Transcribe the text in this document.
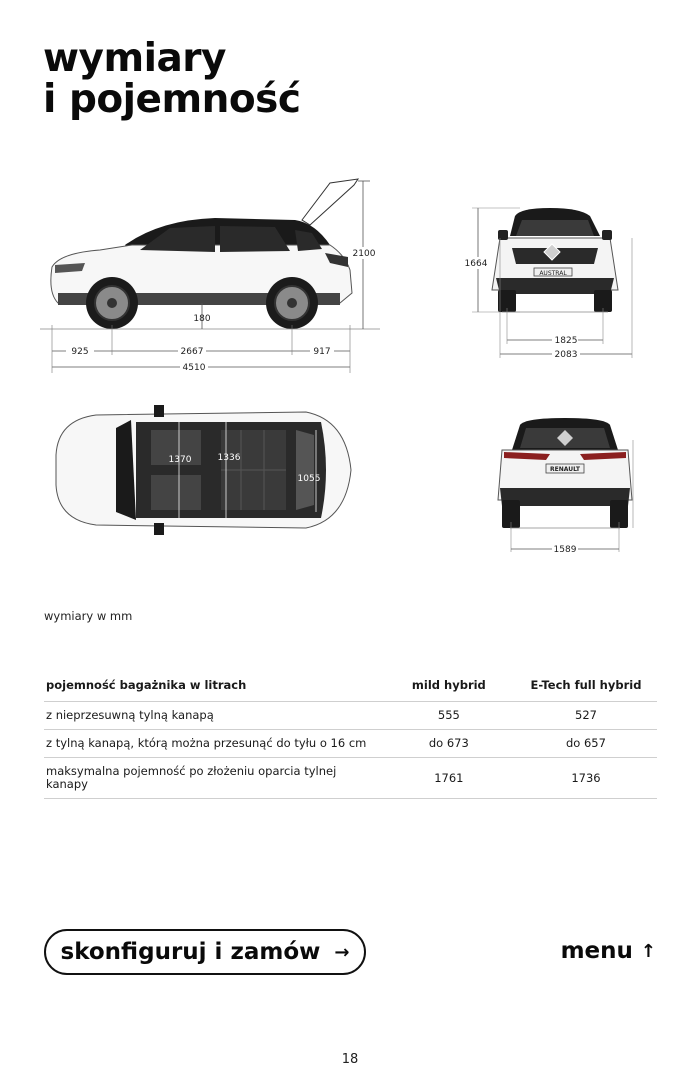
wymiary
i pojemność
925	2667	917
4510
180
2100
1664
AUSTRAL
1825
2083
1370	1336
1055
RENAULT
1589
wymiary w mm
pojemność bagażnika w litrach	mild hybrid	E-Tech full hybrid
z nieprzesuwną tylną kanapą	555	527
z tylną kanapą, którą można przesunąć do tyłu o 16 cm	do 673	do 657
maksymalna pojemność po złożeniu oparcia tylnej kanapy	1761	1736
skonfiguruj i zamów →	menu ↑
18
